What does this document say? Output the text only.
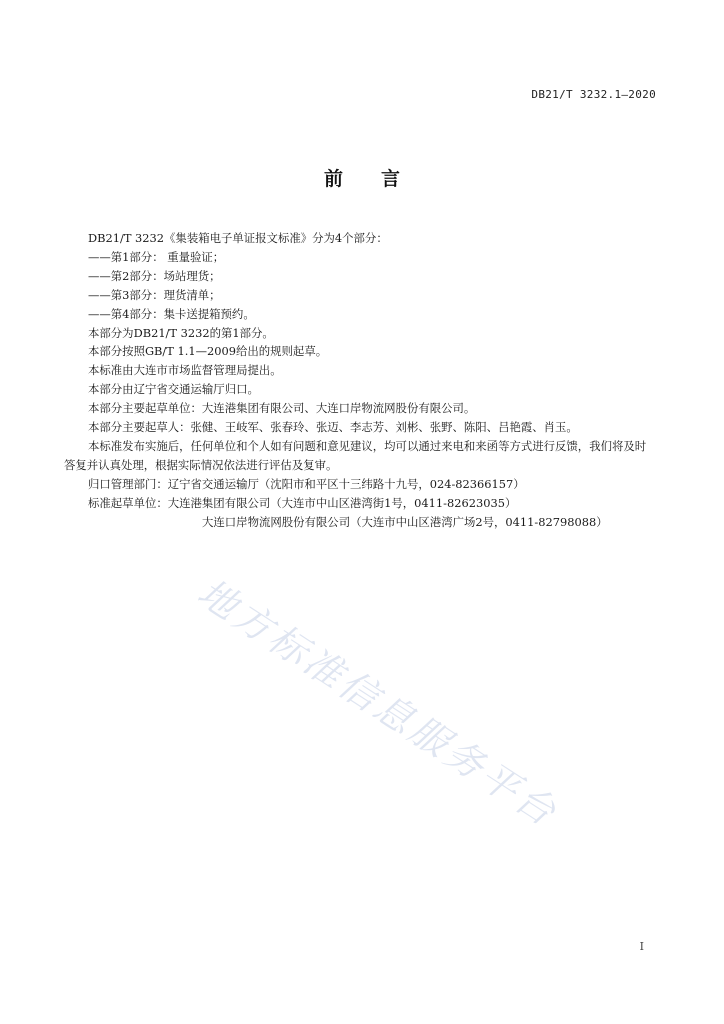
DB21/T 3232.1—2020
前言

DB21/T 3232《集装箱电子单证报文标准》分为4个部分：

——第1部分： 重量验证；

——第2部分：场站理货；

——第3部分：理货清单；

——第4部分：集卡送提箱预约。

本部分为DB21/T 3232的第1部分。

本部分按照GB/T 1.1—2009给出的规则起草。

本标准由大连市市场监督管理局提出。

本部分由辽宁省交通运输厅归口。

本部分主要起草单位：大连港集团有限公司、大连口岸物流网股份有限公司。

本部分主要起草人：张健、王岐军、张春玲、张迈、李志芳、刘彬、张野、陈阳、吕艳霞、肖玉。

本标准发布实施后，任何单位和个人如有问题和意见建议，均可以通过来电和来函等方式进行反馈，我们将及时答复并认真处理，根据实际情况依法进行评估及复审。

归口管理部门：辽宁省交通运输厅（沈阳市和平区十三纬路十九号，024-82366157）

标准起草单位：大连港集团有限公司（大连市中山区港湾街1号，0411-82623035）

大连口岸物流网股份有限公司（大连市中山区港湾广场2号，0411-82798088）

地方标准信息服务平台
I
